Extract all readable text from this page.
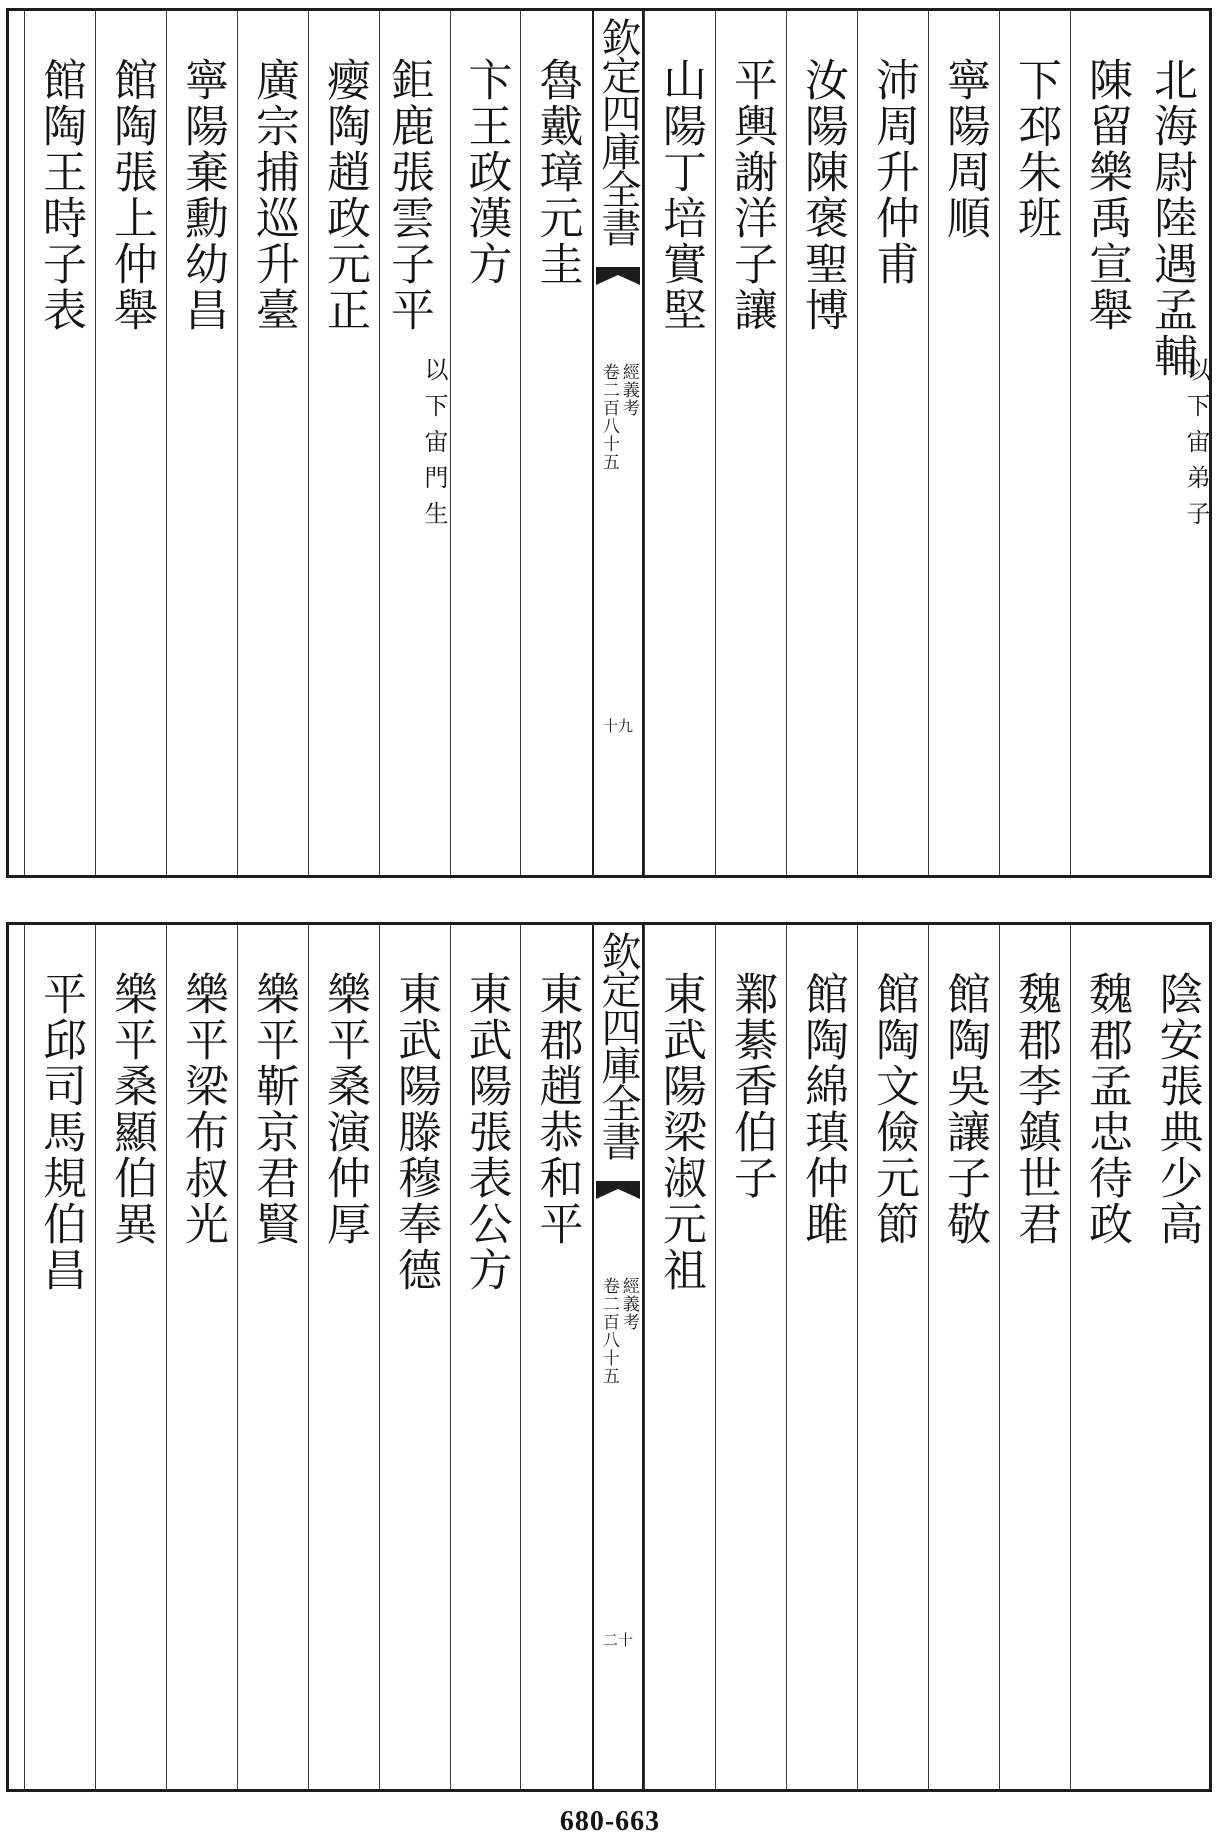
北海尉陸遇孟輔
以下宙弟子
陳留樂禹宣舉
下邳朱班
寧陽周順
沛周升仲甫
汝陽陳褒聖博
平輿謝洋子讓
山陽丁培實堅
欽定四庫全書
經義考
卷二百八十五
十九
魯戴璋元圭
卞王政漢方
鉅鹿張雲子平
以下宙門生
瘿陶趙政元正
廣宗捕巡升臺
寧陽棄勳幼昌
館陶張上仲舉
館陶王時子表
陰安張典少高
魏郡孟忠待政
魏郡李鎮世君
館陶吳讓子敬
館陶文儉元節
館陶綿瑱仲雎
鄴綦香伯子
東武陽梁淑元祖
欽定四庫全書
經義考
卷二百八十五
二十
東郡趙恭和平
東武陽張表公方
東武陽滕穆奉德
樂平桑演仲厚
樂平靳京君賢
樂平梁布叔光
樂平桑顯伯異
平邱司馬規伯昌
680-663
